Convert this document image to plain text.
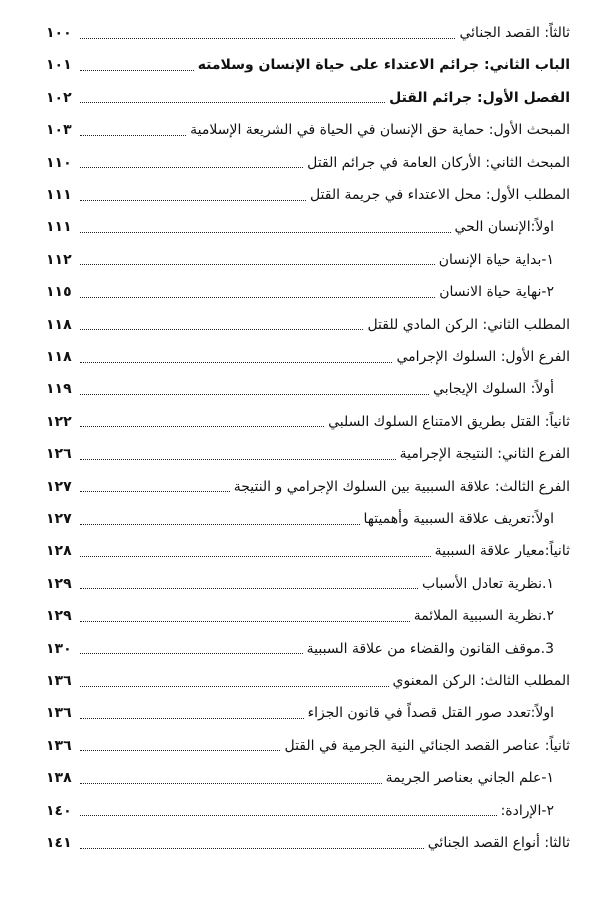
ثالثاً: القصد الجنائي
١٠٠
الباب الثاني: جرائم الاعتداء على حياة الإنسان وسلامته
١٠١
الفصل الأول: جرائم القتل
١٠٢
المبحث الأول: حماية حق الإنسان في الحياة في الشريعة الإسلامية
١٠٣
المبحث الثاني: الأركان العامة في جرائم القتل
١١٠
المطلب الأول: محل الاعتداء في جريمة القتل
١١١
اولاً:الإنسان الحي
١١١
١-بداية حياة الإنسان
١١٢
٢-نهاية حياة الانسان
١١٥
المطلب الثاني: الركن المادي للقتل
١١٨
الفرع الأول: السلوك الإجرامي
١١٨
أولاً: السلوك الإيجابي
١١٩
ثانياً: القتل بطريق الامتناع السلوك السلبي
١٢٢
الفرع الثاني: النتيجة الإجرامية
١٢٦
الفرع الثالث: علاقة السببية بين السلوك الإجرامي و النتيجة
١٢٧
اولاً:تعريف علاقة السببية وأهميتها
١٢٧
ثانياً:معيار علاقة السببية
١٢٨
١.نظرية تعادل الأسباب
١٢٩
٢.نظرية السببية الملائمة
١٢٩
3.موقف القانون والقضاء من علاقة السببية
١٣٠
المطلب الثالث: الركن المعنوي
١٣٦
اولاً:تعدد صور القتل قصداً في قانون الجزاء
١٣٦
ثانياً: عناصر القصد الجنائي النية الجرمية في القتل
١٣٦
١-علم الجاني بعناصر الجريمة
١٣٨
٢-الإرادة:
١٤٠
ثالثا: أنواع القصد الجنائي
١٤١
